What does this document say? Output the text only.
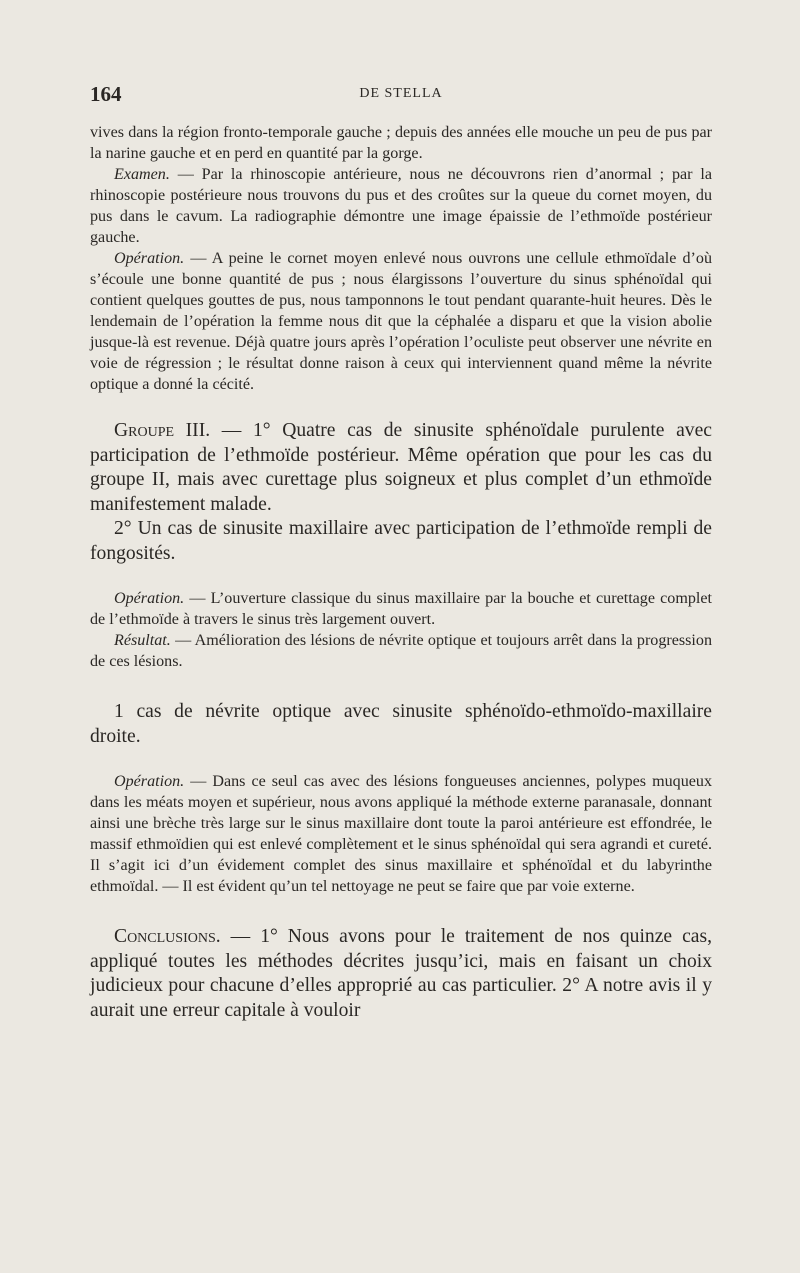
164	DE STELLA

vives dans la région fronto-temporale gauche ; depuis des années elle mouche un peu de pus par la narine gauche et en perd en quantité par la gorge.

Examen. — Par la rhinoscopie antérieure, nous ne découvrons rien d’anormal ; par la rhinoscopie postérieure nous trouvons du pus et des croûtes sur la queue du cornet moyen, du pus dans le cavum. La radiographie démontre une image épaissie de l’ethmoïde postérieur gauche.

Opération. — A peine le cornet moyen enlevé nous ouvrons une cellule ethmoïdale d’où s’écoule une bonne quantité de pus ; nous élargissons l’ouverture du sinus sphénoïdal qui contient quelques gouttes de pus, nous tamponnons le tout pendant quarante-huit heures. Dès le lendemain de l’opération la femme nous dit que la céphalée a disparu et que la vision abolie jusque-là est revenue. Déjà quatre jours après l’opération l’oculiste peut observer une névrite en voie de régression ; le résultat donne raison à ceux qui interviennent quand même la névrite optique a donné la cécité.

Groupe III. — 1° Quatre cas de sinusite sphénoïdale purulente avec participation de l’ethmoïde postérieur. Même opération que pour les cas du groupe II, mais avec curettage plus soigneux et plus complet d’un ethmoïde manifestement malade.

2° Un cas de sinusite maxillaire avec participation de l’ethmoïde rempli de fongosités.

Opération. — L’ouverture classique du sinus maxillaire par la bouche et curettage complet de l’ethmoïde à travers le sinus très largement ouvert.

Résultat. — Amélioration des lésions de névrite optique et toujours arrêt dans la progression de ces lésions.

1 cas de névrite optique avec sinusite sphénoïdo-ethmoïdo-maxillaire droite.

Opération. — Dans ce seul cas avec des lésions fongueuses anciennes, polypes muqueux dans les méats moyen et supérieur, nous avons appliqué la méthode externe paranasale, donnant ainsi une brèche très large sur le sinus maxillaire dont toute la paroi antérieure est effondrée, le massif ethmoïdien qui est enlevé complètement et le sinus sphénoïdal qui sera agrandi et cureté. Il s’agit ici d’un évidement complet des sinus maxillaire et sphénoïdal et du labyrinthe ethmoïdal. — Il est évident qu’un tel nettoyage ne peut se faire que par voie externe.

Conclusions. — 1° Nous avons pour le traitement de nos quinze cas, appliqué toutes les méthodes décrites jusqu’ici, mais en faisant un choix judicieux pour chacune d’elles approprié au cas particulier. 2° A notre avis il y aurait une erreur capitale à vouloir
